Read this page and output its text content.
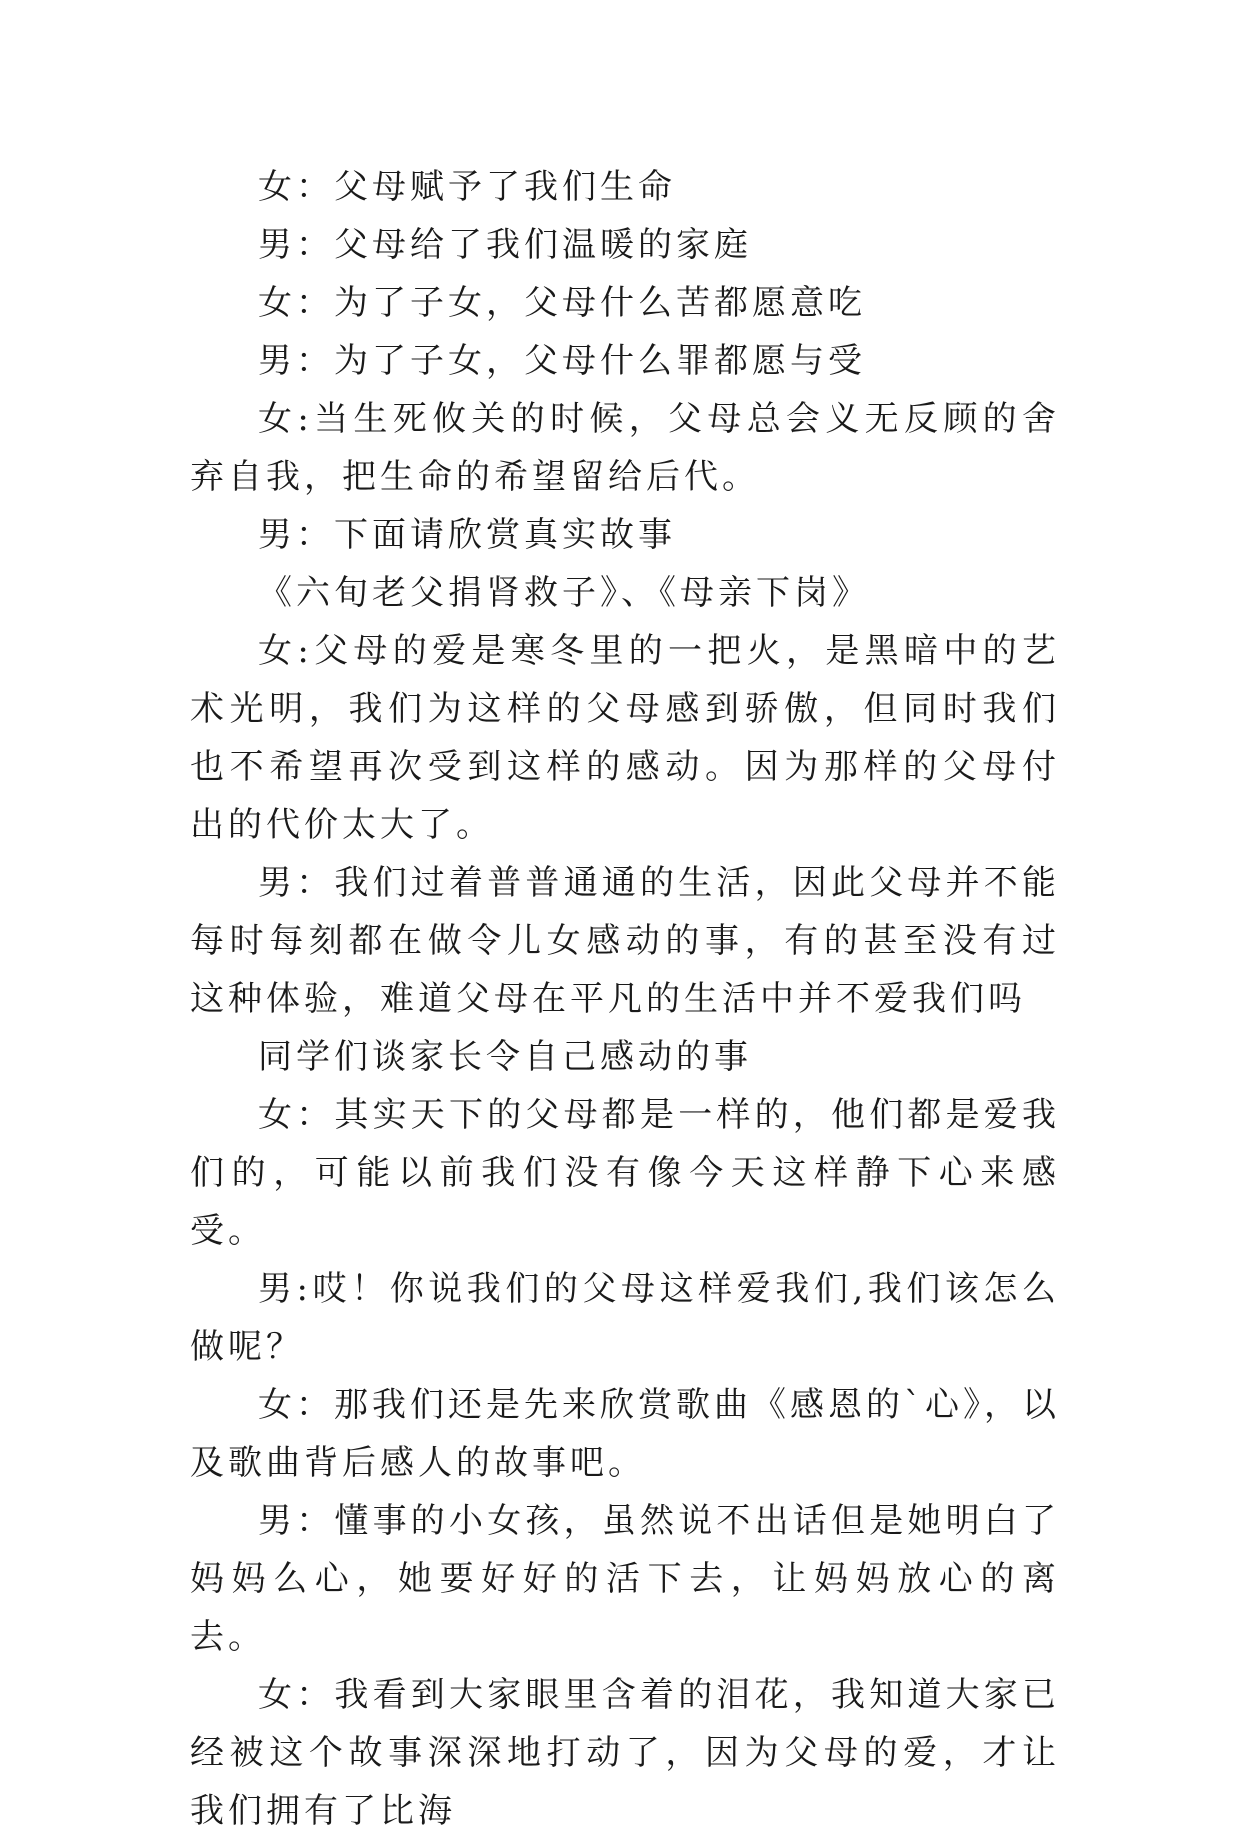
女：父母赋予了我们生命

男：父母给了我们温暖的家庭

女：为了子女，父母什么苦都愿意吃

男：为了子女，父母什么罪都愿与受

女:当生死攸关的时候，父母总会义无反顾的舍弃自我，把生命的希望留给后代。

男：下面请欣赏真实故事

《六旬老父捐肾救子》、《母亲下岗》

女:父母的爱是寒冬里的一把火，是黑暗中的艺术光明，我们为这样的父母感到骄傲，但同时我们也不希望再次受到这样的感动。因为那样的父母付出的代价太大了。

男：我们过着普普通通的生活，因此父母并不能每时每刻都在做令儿女感动的事，有的甚至没有过这种体验，难道父母在平凡的生活中并不爱我们吗

同学们谈家长令自己感动的事

女：其实天下的父母都是一样的，他们都是爱我们的，可能以前我们没有像今天这样静下心来感受。

男:哎！你说我们的父母这样爱我们,我们该怎么做呢？

女：那我们还是先来欣赏歌曲《感恩的`心》，以及歌曲背后感人的故事吧。

男：懂事的小女孩，虽然说不出话但是她明白了妈妈么心，她要好好的活下去，让妈妈放心的离去。

女：我看到大家眼里含着的泪花，我知道大家已经被这个故事深深地打动了，因为父母的爱，才让我们拥有了比海
